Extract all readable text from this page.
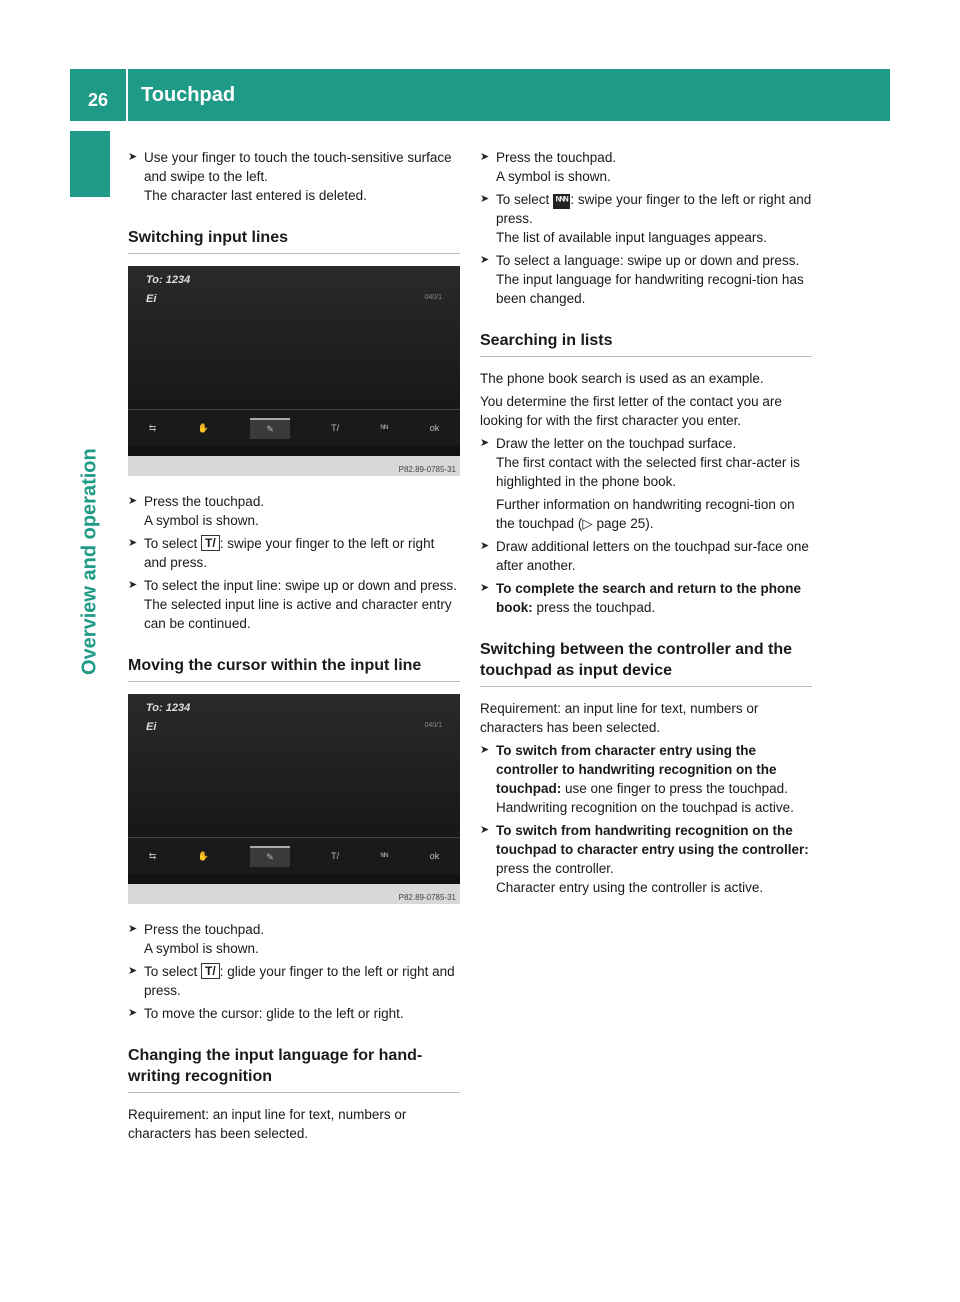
26	Touchpad
Overview and operation
➤ Use your finger to touch the touch-sensitive surface and swipe to the left.
The character last entered is deleted.
Switching input lines
To: 1234
Ei	040/1
⇆	✋	✎	T/	ᴺᴺ	ok
P82.89-0785-31
➤ Press the touchpad.
A symbol is shown.
➤ To select T/ : swipe your finger to the left or right and press.
➤ To select the input line: swipe up or down and press.
The selected input line is active and character entry can be continued.
Moving the cursor within the input line
To: 1234
Ei	040/1
⇆	✋	✎	T/	ᴺᴺ	ok
P82.89-0785-31
➤ Press the touchpad.
A symbol is shown.
➤ To select T/ : glide your finger to the left or right and press.
➤ To move the cursor: glide to the left or right.
Changing the input language for hand-writing recognition
Requirement: an input line for text, numbers or characters has been selected.
➤ Press the touchpad.
A symbol is shown.
➤ To select ᴺᴺᴺ : swipe your finger to the left or right and press.
The list of available input languages appears.
➤ To select a language: swipe up or down and press.
The input language for handwriting recogni-tion has been changed.
Searching in lists
The phone book search is used as an example.
You determine the first letter of the contact you are looking for with the first character you enter.
➤ Draw the letter on the touchpad surface.
The first contact with the selected first char-acter is highlighted in the phone book.
Further information on handwriting recogni-tion on the touchpad (▷ page 25).
➤ Draw additional letters on the touchpad sur-face one after another.
➤ To complete the search and return to the phone book: press the touchpad.
Switching between the controller and the touchpad as input device
Requirement: an input line for text, numbers or characters has been selected.
➤ To switch from character entry using the controller to handwriting recognition on the touchpad: use one finger to press the touchpad.
Handwriting recognition on the touchpad is active.
➤ To switch from handwriting recognition on the touchpad to character entry using the controller: press the controller.
Character entry using the controller is active.
